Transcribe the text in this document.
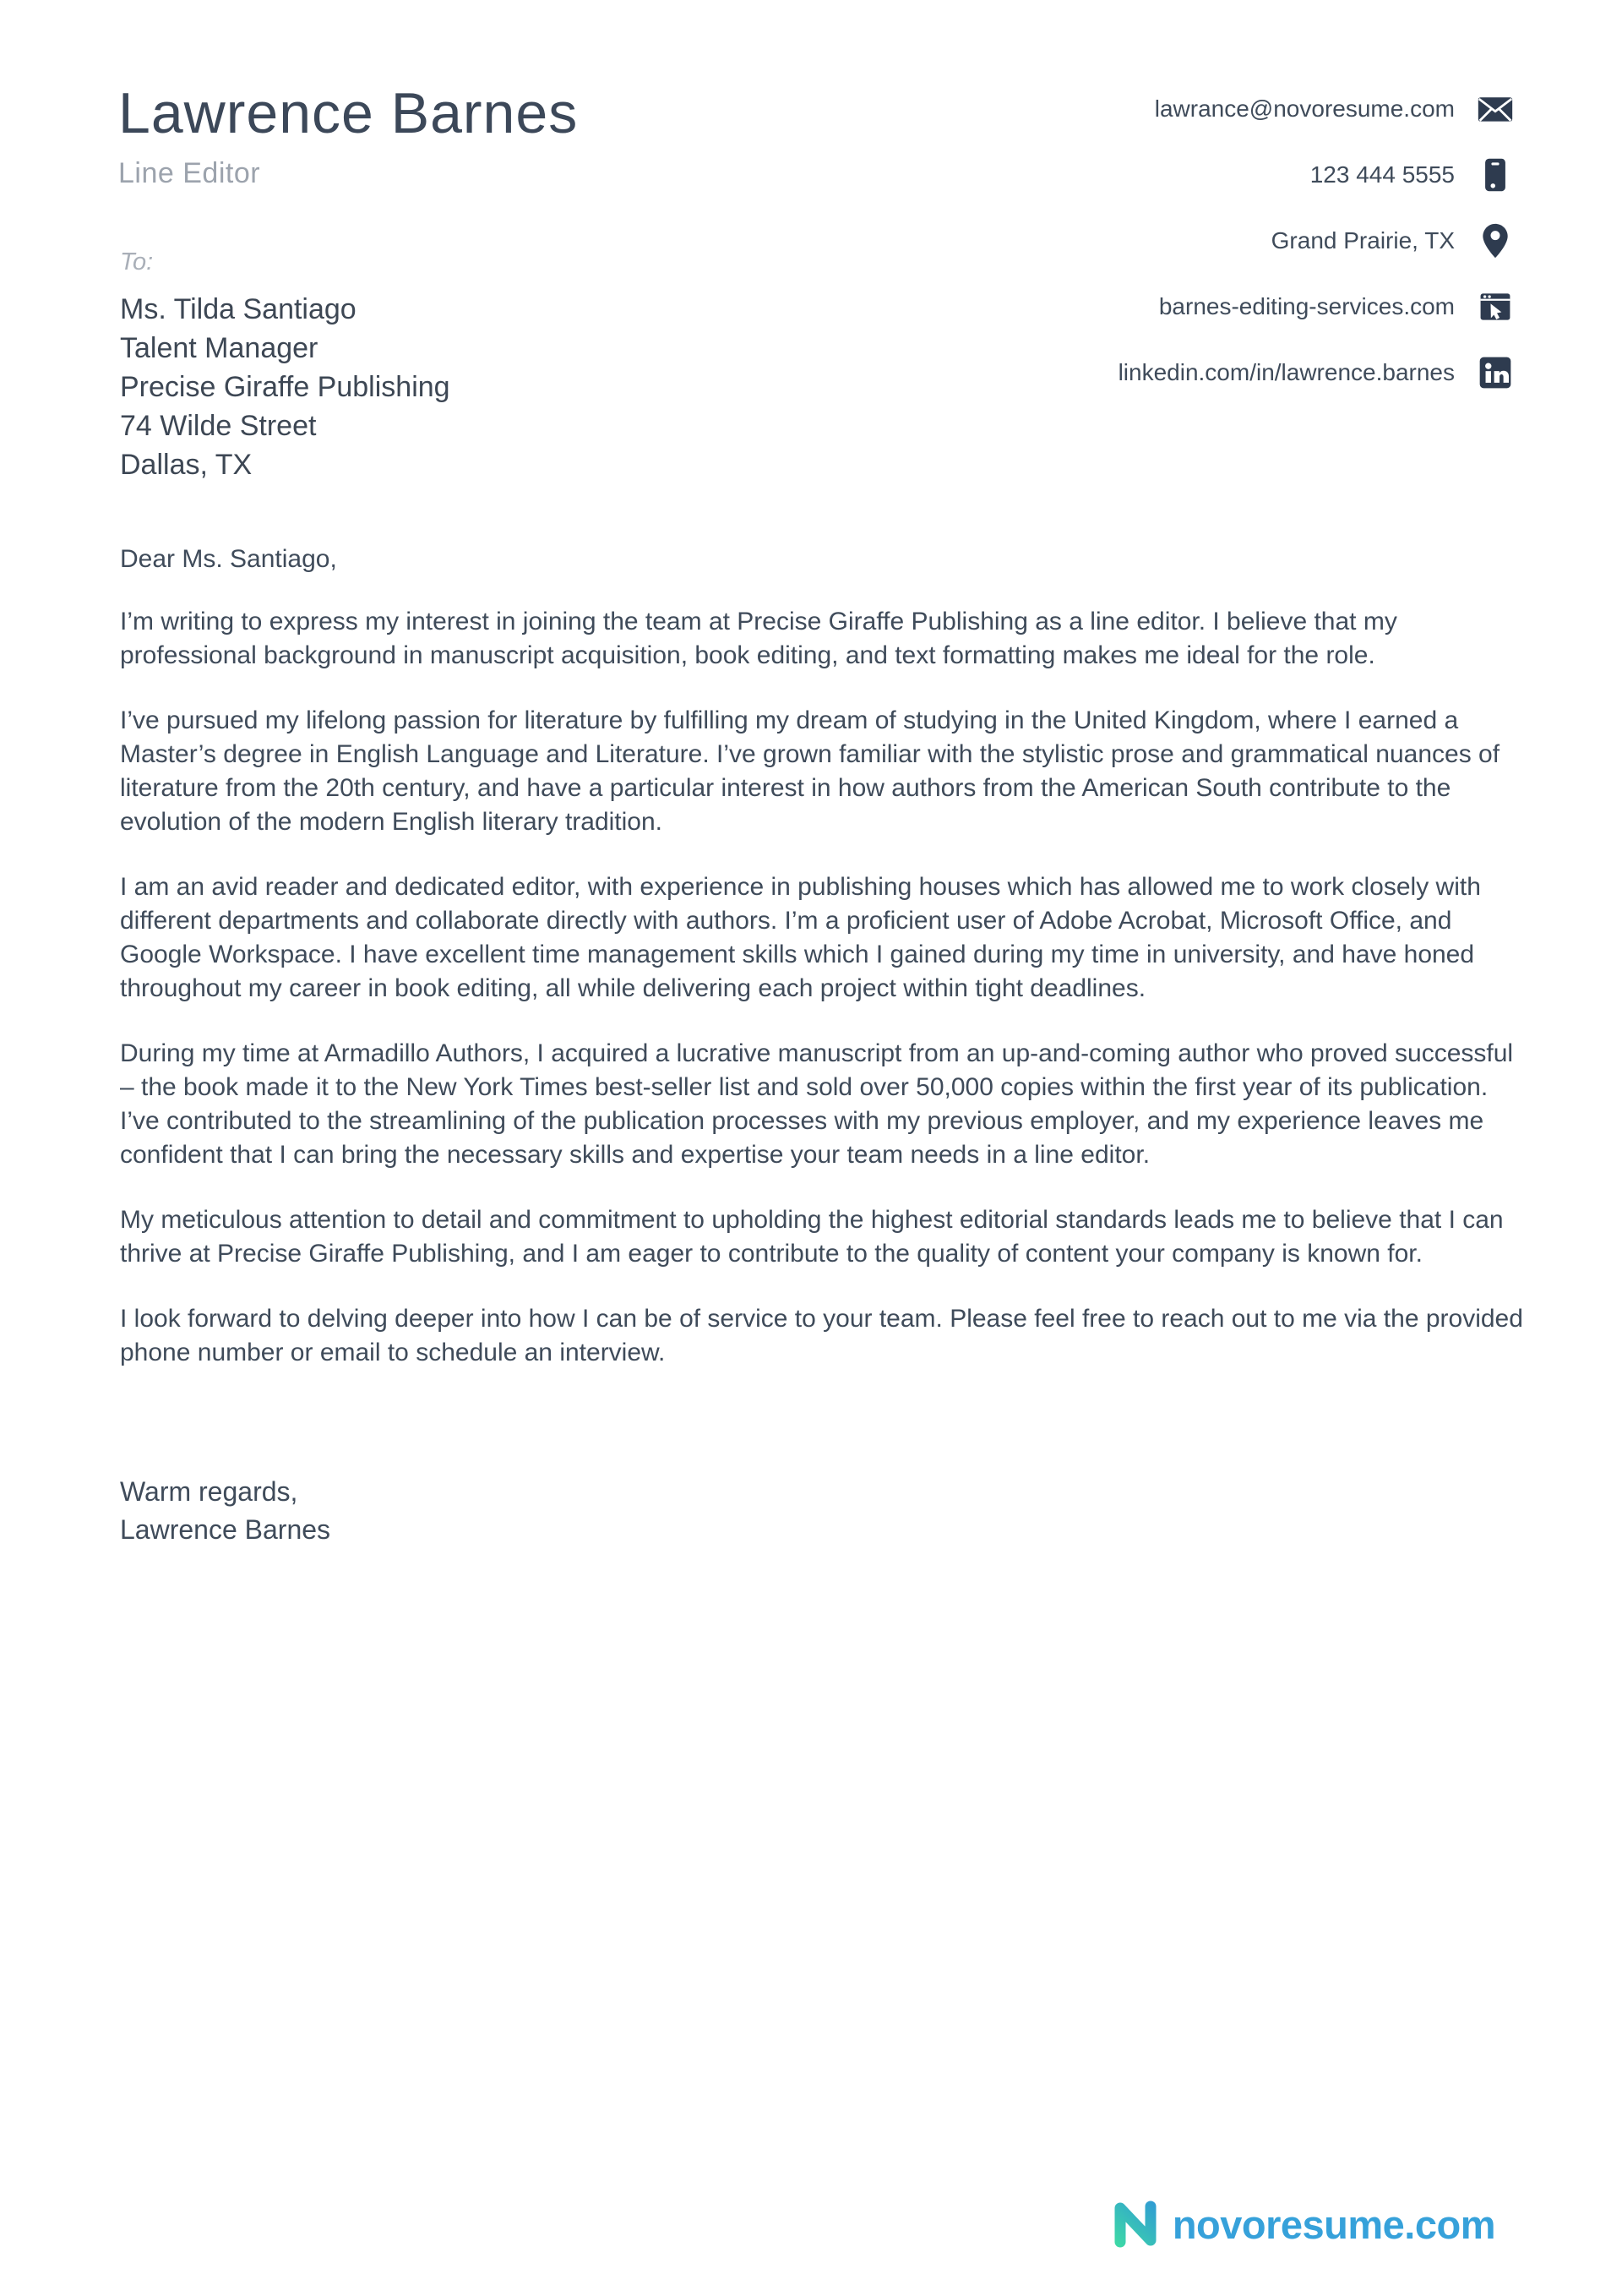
Lawrence Barnes
Line Editor
lawrance@novoresume.com
123 444 5555
Grand Prairie, TX
barnes-editing-services.com
linkedin.com/in/lawrence.barnes
To:
Ms. Tilda Santiago
Talent Manager
Precise Giraffe Publishing
74 Wilde Street
Dallas, TX
Dear Ms. Santiago,

I’m writing to express my interest in joining the team at Precise Giraffe Publishing as a line editor. I believe that my professional background in manuscript acquisition, book editing, and text formatting makes me ideal for the role.

I’ve pursued my lifelong passion for literature by fulfilling my dream of studying in the United Kingdom, where I earned a Master’s degree in English Language and Literature. I’ve grown familiar with the stylistic prose and grammatical nuances of literature from the 20th century, and have a particular interest in how authors from the American South contribute to the evolution of the modern English literary tradition.

I am an avid reader and dedicated editor, with experience in publishing houses which has allowed me to work closely with different departments and collaborate directly with authors. I’m a proficient user of Adobe Acrobat, Microsoft Office, and Google Workspace. I have excellent time management skills which I gained during my time in university, and have honed throughout my career in book editing, all while delivering each project within tight deadlines.

During my time at Armadillo Authors, I acquired a lucrative manuscript from an up-and-coming author who proved successful – the book made it to the New York Times best-seller list and sold over 50,000 copies within the first year of its publication. I’ve contributed to the streamlining of the publication processes with my previous employer, and my experience leaves me confident that I can bring the necessary skills and expertise your team needs in a line editor.

My meticulous attention to detail and commitment to upholding the highest editorial standards leads me to believe that I can thrive at Precise Giraffe Publishing, and I am eager to contribute to the quality of content your company is known for.

I look forward to delving deeper into how I can be of service to your team. Please feel free to reach out to me via the provided phone number or email to schedule an interview.

Warm regards,
Lawrence Barnes
novoresume.com
